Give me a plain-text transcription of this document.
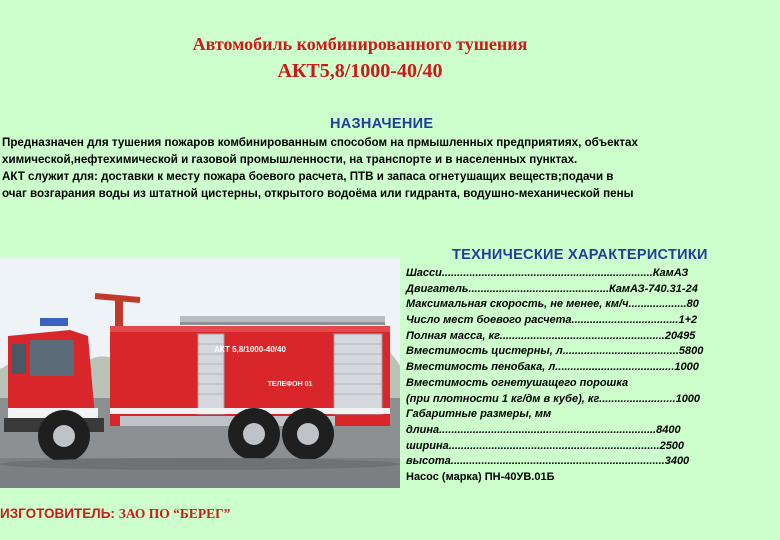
Автомобиль комбинированного тушения
АКТ5,8/1000-40/40
НАЗНАЧЕНИЕ
Предназначен для тушения пожаров комбинированным способом на прмышленных предприятиях, объектах
химической,нефтехимической и газовой промышленности, на транспорте и в населенных пунктах.
АКТ служит для: доставки к месту пожара боевого расчета, ПТВ и запаса огнетушащих веществ;подачи в
очаг возгарания воды из штатной цистерны, открытого водоёма или гидранта, водушно-механической пены
АКТ 5,8/1000-40/40
ТЕЛЕФОН 01
ТЕХНИЧЕСКИЕ ХАРАКТЕРИСТИКИ
Шасси.....................................................................КамАЗ
Двигатель..............................................КамАЗ-740.31-24
Максимальная скорость, не менее, км/ч...................80
Число мест боевого расчета...................................1+2
Полная масса, кг......................................................20495
Вместимость цистерны, л......................................5800
Вместимость пенобака, л.......................................1000
Вместимость огнетушащего порошка
(при плотности 1 кг/дм в кубе), кг.........................1000
Габаритные размеры, мм
длина.......................................................................8400
ширина.....................................................................2500
высота......................................................................3400
Насос (марка) ПН-40УВ.01Б
ИЗГОТОВИТЕЛЬ: ЗАО ПО “БЕРЕГ”
